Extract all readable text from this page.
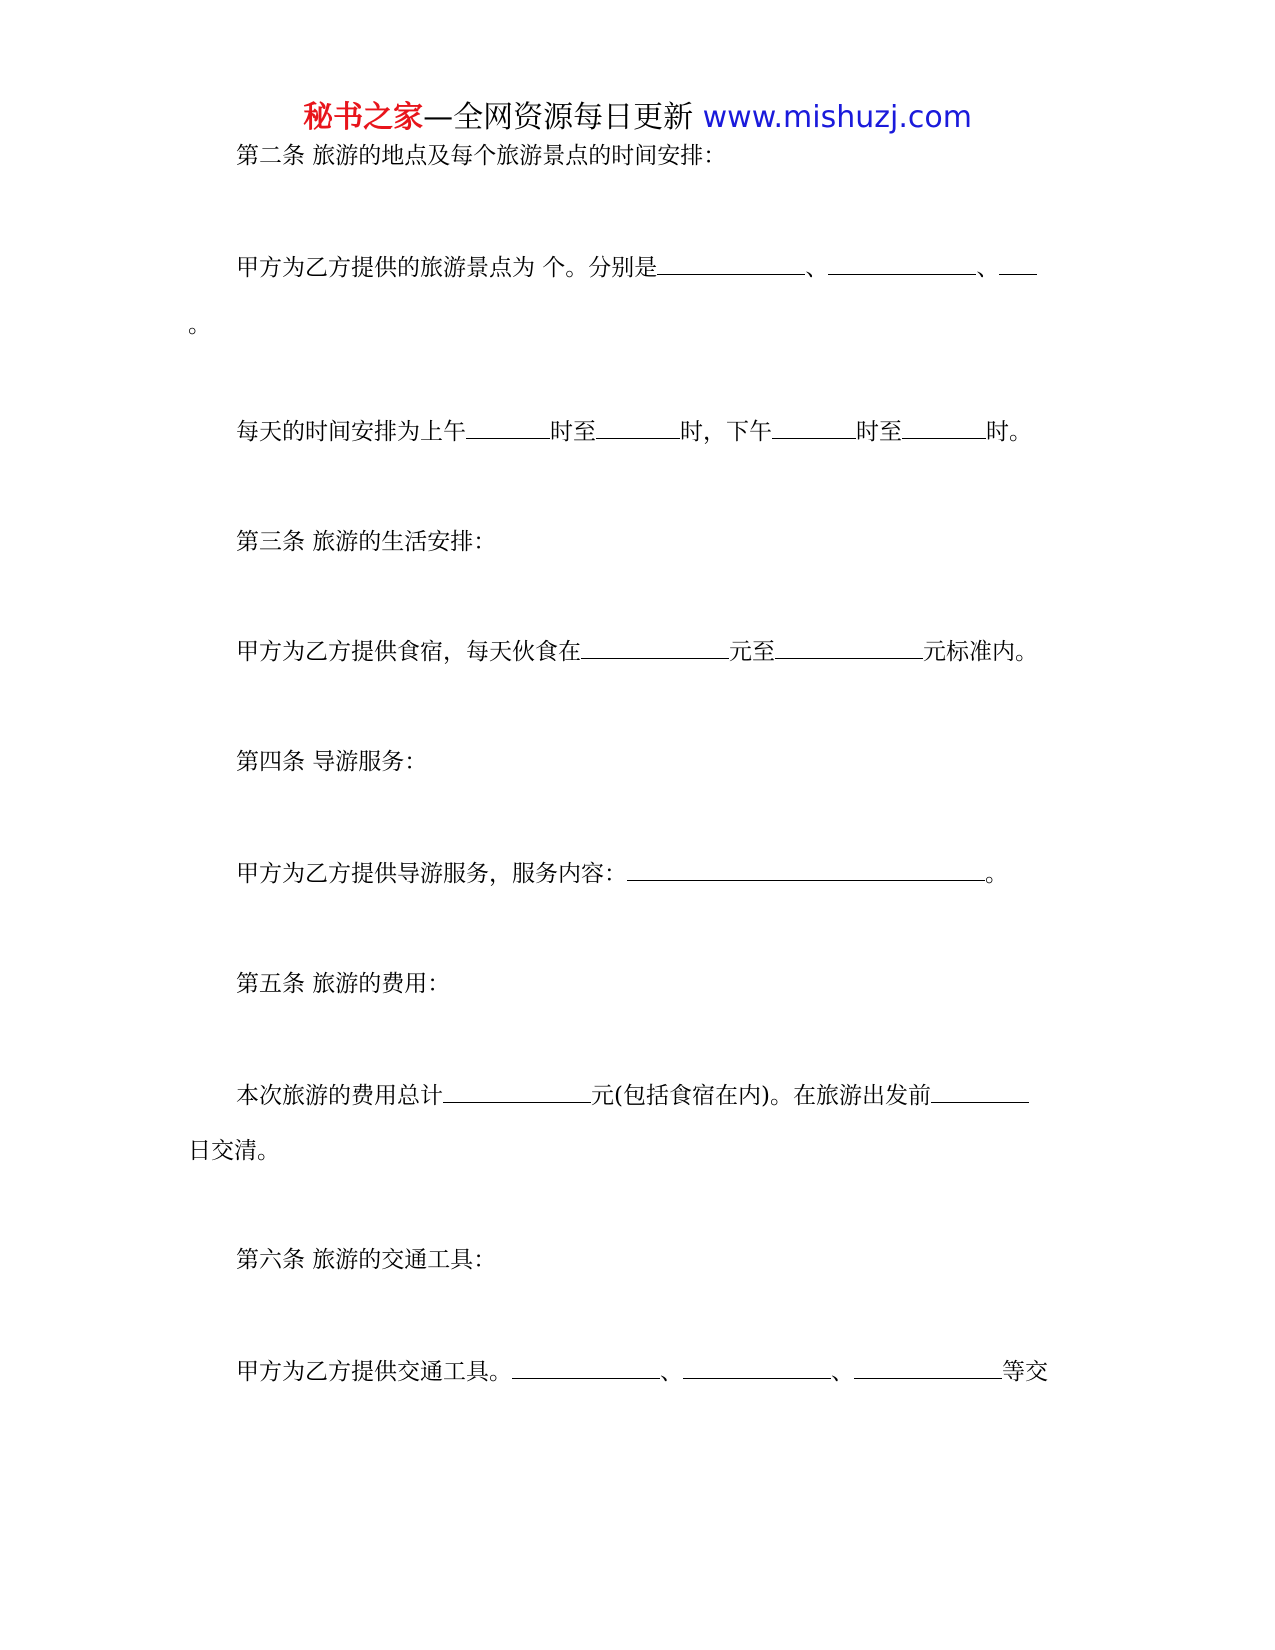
秘书之家—全网资源每日更新 www.mishuzj.com
第二条 旅游的地点及每个旅游景点的时间安排：
甲方为乙方提供的旅游景点为 个。分别是	、	、
。
每天的时间安排为上午	时至	时，下午	时至	时。
第三条 旅游的生活安排：
甲方为乙方提供食宿，每天伙食在	元至	元标准内。
第四条 导游服务：
甲方为乙方提供导游服务，服务内容：	。
第五条 旅游的费用：
本次旅游的费用总计	元(包括食宿在内)。在旅游出发前
日交清。
第六条 旅游的交通工具：
甲方为乙方提供交通工具。	、	、	等交
